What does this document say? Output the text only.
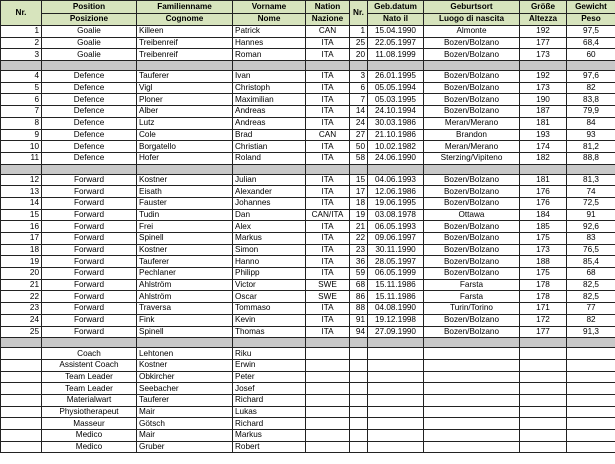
Nr.	Position	Familienname	Vorname	Nation	Nr.	Geb.datum	Geburtsort	Größe	Gewicht
	Posizione	Cognome	Nome	Nazione		Nato il	Luogo di nascita	Altezza	Peso
1	Goalie	Killeen	Patrick	CAN	1	15.04.1990	Almonte	192	97,5
2	Goalie	Treibenreif	Hannes	ITA	25	22.05.1997	Bozen/Bolzano	177	68,4
3	Goalie	Treibenreif	Roman	ITA	20	11.08.1999	Bozen/Bolzano	173	60

4	Defence	Tauferer	Ivan	ITA	3	26.01.1995	Bozen/Bolzano	192	97,6
5	Defence	Vigl	Christoph	ITA	6	05.05.1994	Bozen/Bolzano	173	82
6	Defence	Ploner	Maximilian	ITA	7	05.03.1995	Bozen/Bolzano	190	83,8
7	Defence	Alber	Andreas	ITA	14	24.10.1994	Bozen/Bolzano	187	79,9
8	Defence	Lutz	Andreas	ITA	24	30.03.1986	Meran/Merano	181	84
9	Defence	Cole	Brad	CAN	27	21.10.1986	Brandon	193	93
10	Defence	Borgatello	Christian	ITA	50	10.02.1982	Meran/Merano	174	81,2
11	Defence	Hofer	Roland	ITA	58	24.06.1990	Sterzing/Vipiteno	182	88,8

12	Forward	Kostner	Julian	ITA	15	04.06.1993	Bozen/Bolzano	181	81,3
13	Forward	Eisath	Alexander	ITA	17	12.06.1986	Bozen/Bolzano	176	74
14	Forward	Fauster	Johannes	ITA	18	19.06.1995	Bozen/Bolzano	176	72,5
15	Forward	Tudin	Dan	CAN/ITA	19	03.08.1978	Ottawa	184	91
16	Forward	Frei	Alex	ITA	21	06.05.1993	Bozen/Bolzano	185	92,6
17	Forward	Spinell	Markus	ITA	22	09.06.1997	Bozen/Bolzano	175	83
18	Forward	Kostner	Simon	ITA	23	30.11.1990	Bozen/Bolzano	173	76,5
19	Forward	Tauferer	Hanno	ITA	36	28.05.1997	Bozen/Bolzano	188	85,4
20	Forward	Pechlaner	Philipp	ITA	59	06.05.1999	Bozen/Bolzano	175	68
21	Forward	Ahlström	Victor	SWE	68	15.11.1986	Farsta	178	82,5
22	Forward	Ahlström	Oscar	SWE	86	15.11.1986	Farsta	178	82,5
23	Forward	Traversa	Tommaso	ITA	88	04.08.1990	Turin/Torino	171	77
24	Forward	Fink	Kevin	ITA	91	19.12.1998	Bozen/Bolzano	172	82
25	Forward	Spinell	Thomas	ITA	94	27.09.1990	Bozen/Bolzano	177	91,3

	Coach	Lehtonen	Riku						
	Assistent Coach	Kostner	Erwin						
	Team Leader	Obkircher	Peter						
	Team Leader	Seebacher	Josef						
	Materialwart	Tauferer	Richard						
	Physiotherapeut	Mair	Lukas						
	Masseur	Götsch	Richard						
	Medico	Mair	Markus						
	Medico	Gruber	Robert						
